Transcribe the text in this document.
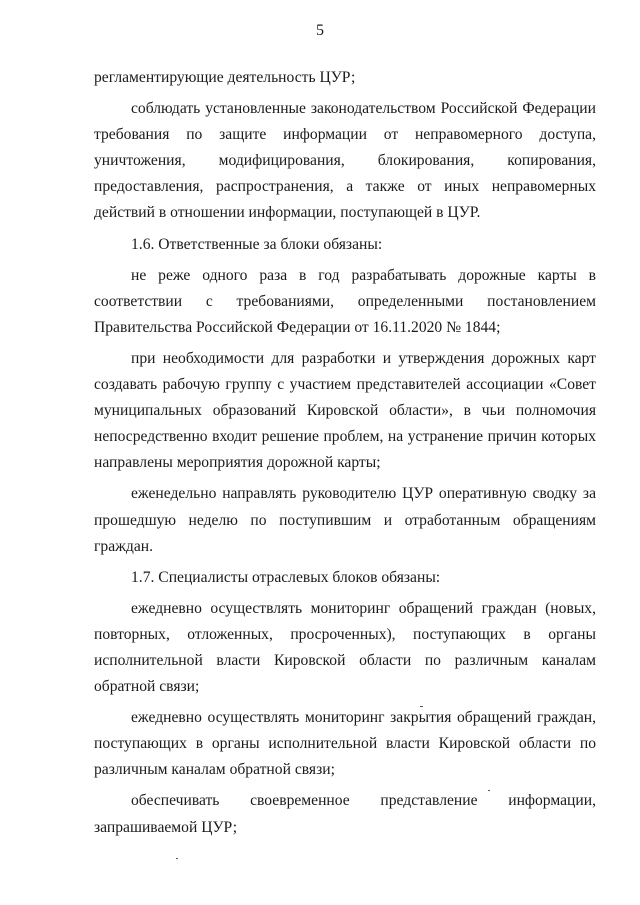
5

регламентирующие деятельность ЦУР;

соблюдать установленные законодательством Российской Федерации требования по защите информации от неправомерного доступа, уничтожения, модифицирования, блокирования, копирования, предоставления, распространения, а также от иных неправомерных действий в отношении информации, поступающей в ЦУР.

1.6. Ответственные за блоки обязаны:

не реже одного раза в год разрабатывать дорожные карты в соответствии с требованиями, определенными постановлением Правительства Российской Федерации от 16.11.2020 № 1844;

при необходимости для разработки и утверждения дорожных карт создавать рабочую группу с участием представителей ассоциации «Совет муниципальных образований Кировской области», в чьи полномочия непосредственно входит решение проблем, на устранение причин которых направлены мероприятия дорожной карты;

еженедельно направлять руководителю ЦУР оперативную сводку за прошедшую неделю по поступившим и отработанным обращениям граждан.

1.7. Специалисты отраслевых блоков обязаны:

ежедневно осуществлять мониторинг обращений граждан (новых, повторных, отложенных, просроченных), поступающих в органы исполнительной власти Кировской области по различным каналам обратной связи;

ежедневно осуществлять мониторинг закрытия обращений граждан, поступающих в органы исполнительной власти Кировской области по различным каналам обратной связи;

обеспечивать своевременное представление информации, запрашиваемой ЦУР;
